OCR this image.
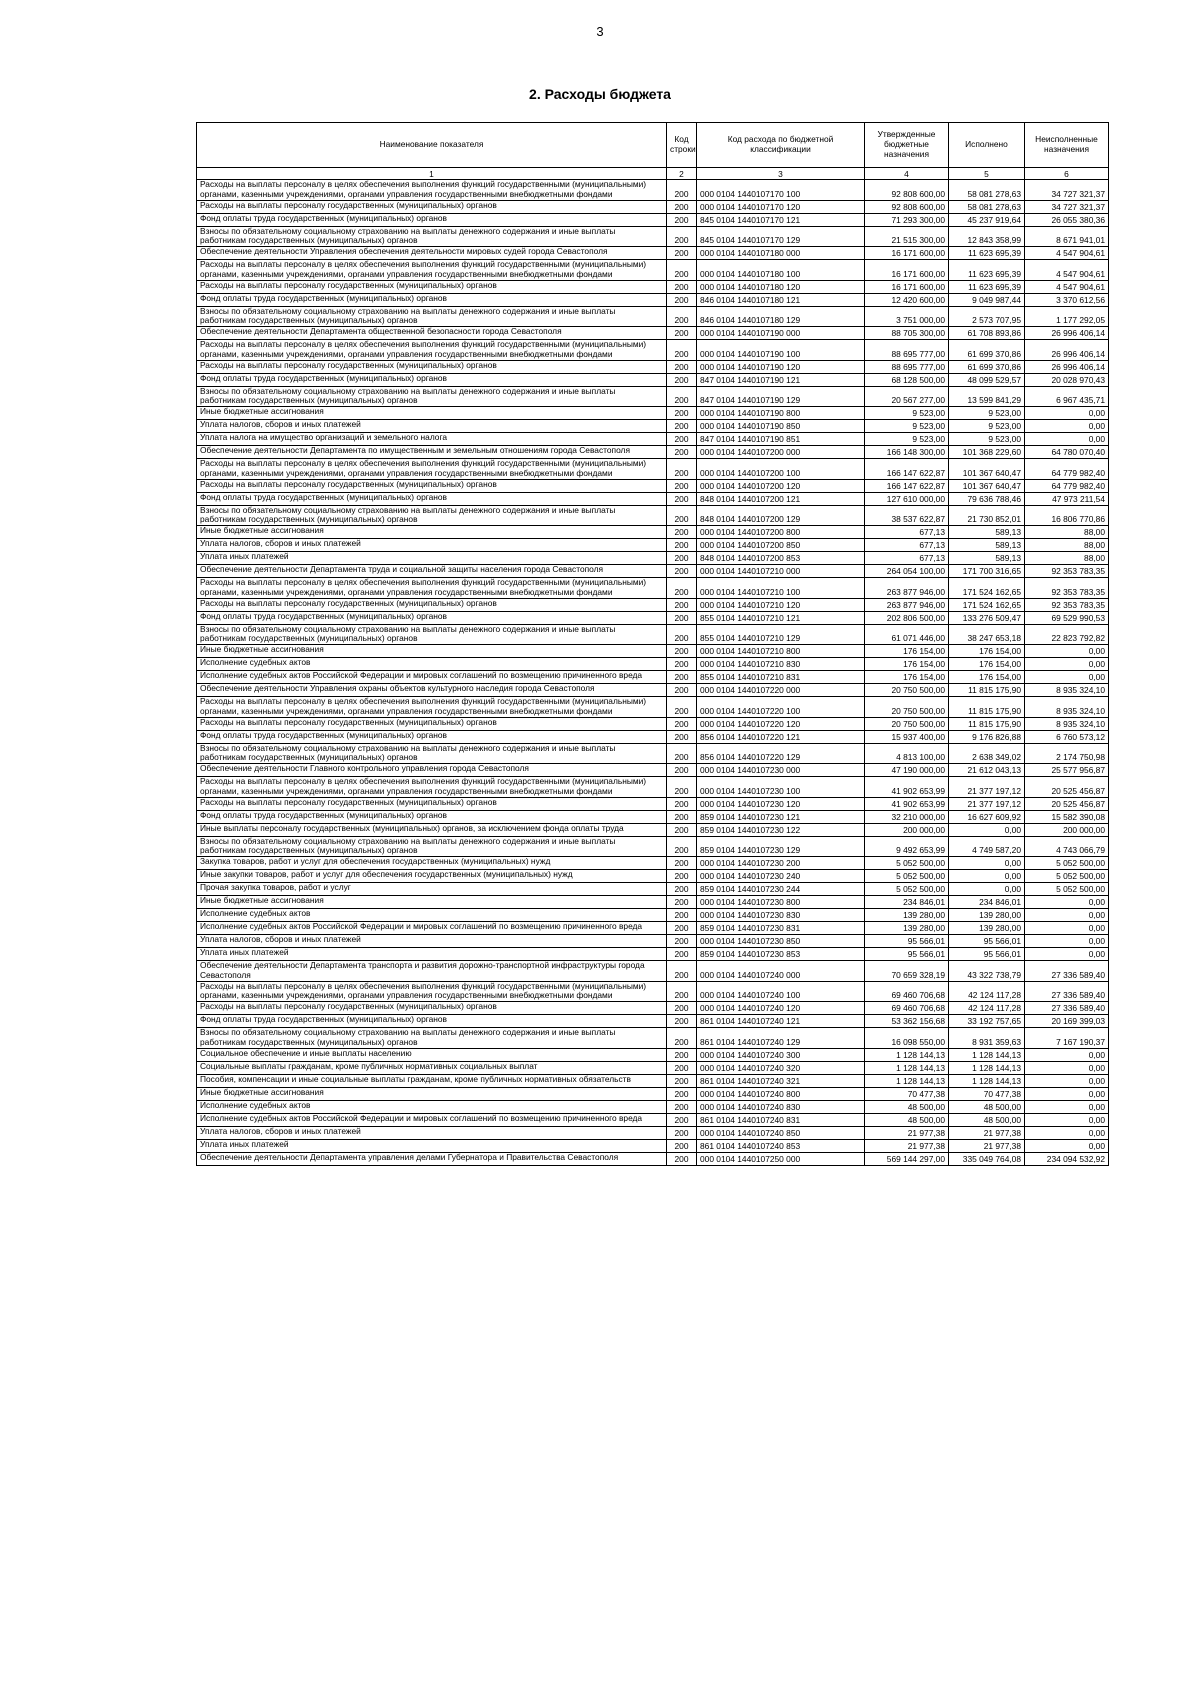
3
2. Расходы бюджета
Наименование показателя	Код строки	Код расхода по бюджетной классификации	Утвержденные бюджетные назначения	Исполнено	Неисполненные назначения
1	2	3	4	5	6
Расходы на выплаты персоналу в целях обеспечения выполнения функций государственными (муниципальными) органами, казенными учреждениями, органами управления государственными внебюджетными фондами	200	000 0104 1440107170 100	92 808 600,00	58 081 278,63	34 727 321,37
Расходы на выплаты персоналу государственных (муниципальных) органов	200	000 0104 1440107170 120	92 808 600,00	58 081 278,63	34 727 321,37
Фонд оплаты труда государственных (муниципальных) органов	200	845 0104 1440107170 121	71 293 300,00	45 237 919,64	26 055 380,36
Взносы по обязательному социальному страхованию на выплаты денежного содержания и иные выплаты работникам государственных (муниципальных) органов	200	845 0104 1440107170 129	21 515 300,00	12 843 358,99	8 671 941,01
Обеспечение деятельности Управления обеспечения деятельности мировых судей города Севастополя	200	000 0104 1440107180 000	16 171 600,00	11 623 695,39	4 547 904,61
Расходы на выплаты персоналу в целях обеспечения выполнения функций государственными (муниципальными) органами, казенными учреждениями, органами управления государственными внебюджетными фондами	200	000 0104 1440107180 100	16 171 600,00	11 623 695,39	4 547 904,61
Расходы на выплаты персоналу государственных (муниципальных) органов	200	000 0104 1440107180 120	16 171 600,00	11 623 695,39	4 547 904,61
Фонд оплаты труда государственных (муниципальных) органов	200	846 0104 1440107180 121	12 420 600,00	9 049 987,44	3 370 612,56
Взносы по обязательному социальному страхованию на выплаты денежного содержания и иные выплаты работникам государственных (муниципальных) органов	200	846 0104 1440107180 129	3 751 000,00	2 573 707,95	1 177 292,05
Обеспечение деятельности Департамента общественной безопасности города Севастополя	200	000 0104 1440107190 000	88 705 300,00	61 708 893,86	26 996 406,14
Расходы на выплаты персоналу в целях обеспечения выполнения функций государственными (муниципальными) органами, казенными учреждениями, органами управления государственными внебюджетными фондами	200	000 0104 1440107190 100	88 695 777,00	61 699 370,86	26 996 406,14
Расходы на выплаты персоналу государственных (муниципальных) органов	200	000 0104 1440107190 120	88 695 777,00	61 699 370,86	26 996 406,14
Фонд оплаты труда государственных (муниципальных) органов	200	847 0104 1440107190 121	68 128 500,00	48 099 529,57	20 028 970,43
Взносы по обязательному социальному страхованию на выплаты денежного содержания и иные выплаты работникам государственных (муниципальных) органов	200	847 0104 1440107190 129	20 567 277,00	13 599 841,29	6 967 435,71
Иные бюджетные ассигнования	200	000 0104 1440107190 800	9 523,00	9 523,00	0,00
Уплата налогов, сборов и иных платежей	200	000 0104 1440107190 850	9 523,00	9 523,00	0,00
Уплата налога на имущество организаций и земельного налога	200	847 0104 1440107190 851	9 523,00	9 523,00	0,00
Обеспечение деятельности Департамента по имущественным и земельным отношениям города Севастополя	200	000 0104 1440107200 000	166 148 300,00	101 368 229,60	64 780 070,40
Расходы на выплаты персоналу в целях обеспечения выполнения функций государственными (муниципальными) органами, казенными учреждениями, органами управления государственными внебюджетными фондами	200	000 0104 1440107200 100	166 147 622,87	101 367 640,47	64 779 982,40
Расходы на выплаты персоналу государственных (муниципальных) органов	200	000 0104 1440107200 120	166 147 622,87	101 367 640,47	64 779 982,40
Фонд оплаты труда государственных (муниципальных) органов	200	848 0104 1440107200 121	127 610 000,00	79 636 788,46	47 973 211,54
Взносы по обязательному социальному страхованию на выплаты денежного содержания и иные выплаты работникам государственных (муниципальных) органов	200	848 0104 1440107200 129	38 537 622,87	21 730 852,01	16 806 770,86
Иные бюджетные ассигнования	200	000 0104 1440107200 800	677,13	589,13	88,00
Уплата налогов, сборов и иных платежей	200	000 0104 1440107200 850	677,13	589,13	88,00
Уплата иных платежей	200	848 0104 1440107200 853	677,13	589,13	88,00
Обеспечение деятельности Департамента труда и социальной защиты населения города Севастополя	200	000 0104 1440107210 000	264 054 100,00	171 700 316,65	92 353 783,35
Расходы на выплаты персоналу в целях обеспечения выполнения функций государственными (муниципальными) органами, казенными учреждениями, органами управления государственными внебюджетными фондами	200	000 0104 1440107210 100	263 877 946,00	171 524 162,65	92 353 783,35
Расходы на выплаты персоналу государственных (муниципальных) органов	200	000 0104 1440107210 120	263 877 946,00	171 524 162,65	92 353 783,35
Фонд оплаты труда государственных (муниципальных) органов	200	855 0104 1440107210 121	202 806 500,00	133 276 509,47	69 529 990,53
Взносы по обязательному социальному страхованию на выплаты денежного содержания и иные выплаты работникам государственных (муниципальных) органов	200	855 0104 1440107210 129	61 071 446,00	38 247 653,18	22 823 792,82
Иные бюджетные ассигнования	200	000 0104 1440107210 800	176 154,00	176 154,00	0,00
Исполнение судебных актов	200	000 0104 1440107210 830	176 154,00	176 154,00	0,00
Исполнение судебных актов Российской Федерации и мировых соглашений по возмещению причиненного вреда	200	855 0104 1440107210 831	176 154,00	176 154,00	0,00
Обеспечение деятельности Управления охраны объектов культурного наследия города Севастополя	200	000 0104 1440107220 000	20 750 500,00	11 815 175,90	8 935 324,10
Расходы на выплаты персоналу в целях обеспечения выполнения функций государственными (муниципальными) органами, казенными учреждениями, органами управления государственными внебюджетными фондами	200	000 0104 1440107220 100	20 750 500,00	11 815 175,90	8 935 324,10
Расходы на выплаты персоналу государственных (муниципальных) органов	200	000 0104 1440107220 120	20 750 500,00	11 815 175,90	8 935 324,10
Фонд оплаты труда государственных (муниципальных) органов	200	856 0104 1440107220 121	15 937 400,00	9 176 826,88	6 760 573,12
Взносы по обязательному социальному страхованию на выплаты денежного содержания и иные выплаты работникам государственных (муниципальных) органов	200	856 0104 1440107220 129	4 813 100,00	2 638 349,02	2 174 750,98
Обеспечение деятельности Главного контрольного управления города Севастополя	200	000 0104 1440107230 000	47 190 000,00	21 612 043,13	25 577 956,87
Расходы на выплаты персоналу в целях обеспечения выполнения функций государственными (муниципальными) органами, казенными учреждениями, органами управления государственными внебюджетными фондами	200	000 0104 1440107230 100	41 902 653,99	21 377 197,12	20 525 456,87
Расходы на выплаты персоналу государственных (муниципальных) органов	200	000 0104 1440107230 120	41 902 653,99	21 377 197,12	20 525 456,87
Фонд оплаты труда государственных (муниципальных) органов	200	859 0104 1440107230 121	32 210 000,00	16 627 609,92	15 582 390,08
Иные выплаты персоналу государственных (муниципальных) органов, за исключением фонда оплаты труда	200	859 0104 1440107230 122	200 000,00	0,00	200 000,00
Взносы по обязательному социальному страхованию на выплаты денежного содержания и иные выплаты работникам государственных (муниципальных) органов	200	859 0104 1440107230 129	9 492 653,99	4 749 587,20	4 743 066,79
Закупка товаров, работ и услуг для обеспечения государственных (муниципальных) нужд	200	000 0104 1440107230 200	5 052 500,00	0,00	5 052 500,00
Иные закупки товаров, работ и услуг для обеспечения государственных (муниципальных) нужд	200	000 0104 1440107230 240	5 052 500,00	0,00	5 052 500,00
Прочая закупка товаров, работ и услуг	200	859 0104 1440107230 244	5 052 500,00	0,00	5 052 500,00
Иные бюджетные ассигнования	200	000 0104 1440107230 800	234 846,01	234 846,01	0,00
Исполнение судебных актов	200	000 0104 1440107230 830	139 280,00	139 280,00	0,00
Исполнение судебных актов Российской Федерации и мировых соглашений по возмещению причиненного вреда	200	859 0104 1440107230 831	139 280,00	139 280,00	0,00
Уплата налогов, сборов и иных платежей	200	000 0104 1440107230 850	95 566,01	95 566,01	0,00
Уплата иных платежей	200	859 0104 1440107230 853	95 566,01	95 566,01	0,00
Обеспечение деятельности Департамента транспорта и развития дорожно-транспортной инфраструктуры города Севастополя	200	000 0104 1440107240 000	70 659 328,19	43 322 738,79	27 336 589,40
Расходы на выплаты персоналу в целях обеспечения выполнения функций государственными (муниципальными) органами, казенными учреждениями, органами управления государственными внебюджетными фондами	200	000 0104 1440107240 100	69 460 706,68	42 124 117,28	27 336 589,40
Расходы на выплаты персоналу государственных (муниципальных) органов	200	000 0104 1440107240 120	69 460 706,68	42 124 117,28	27 336 589,40
Фонд оплаты труда государственных (муниципальных) органов	200	861 0104 1440107240 121	53 362 156,68	33 192 757,65	20 169 399,03
Взносы по обязательному социальному страхованию на выплаты денежного содержания и иные выплаты работникам государственных (муниципальных) органов	200	861 0104 1440107240 129	16 098 550,00	8 931 359,63	7 167 190,37
Социальное обеспечение и иные выплаты населению	200	000 0104 1440107240 300	1 128 144,13	1 128 144,13	0,00
Социальные выплаты гражданам, кроме публичных нормативных социальных выплат	200	000 0104 1440107240 320	1 128 144,13	1 128 144,13	0,00
Пособия, компенсации и иные социальные выплаты гражданам, кроме публичных нормативных обязательств	200	861 0104 1440107240 321	1 128 144,13	1 128 144,13	0,00
Иные бюджетные ассигнования	200	000 0104 1440107240 800	70 477,38	70 477,38	0,00
Исполнение судебных актов	200	000 0104 1440107240 830	48 500,00	48 500,00	0,00
Исполнение судебных актов Российской Федерации и мировых соглашений по возмещению причиненного вреда	200	861 0104 1440107240 831	48 500,00	48 500,00	0,00
Уплата налогов, сборов и иных платежей	200	000 0104 1440107240 850	21 977,38	21 977,38	0,00
Уплата иных платежей	200	861 0104 1440107240 853	21 977,38	21 977,38	0,00
Обеспечение деятельности Департамента управления делами Губернатора и Правительства Севастополя	200	000 0104 1440107250 000	569 144 297,00	335 049 764,08	234 094 532,92
